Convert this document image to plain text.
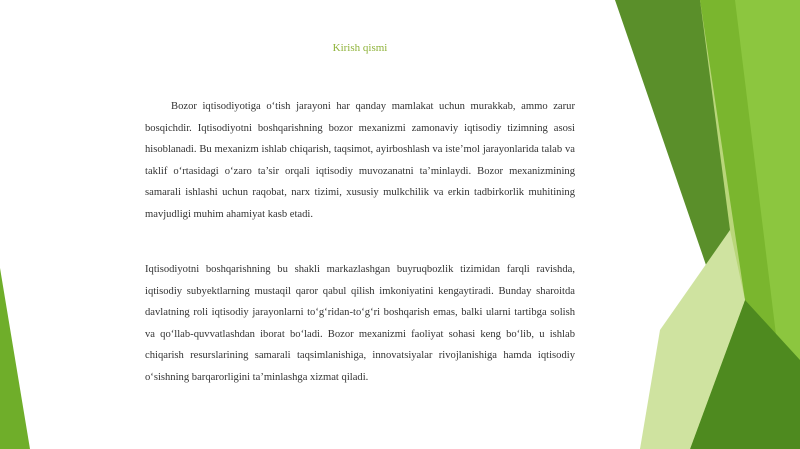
Kirish qismi

Bozor iqtisodiyotiga o‘tish jarayoni har qanday mamlakat uchun murakkab, ammo zarur bosqichdir. Iqtisodiyotni boshqarishning bozor mexanizmi zamonaviy iqtisodiy tizimning asosi hisoblanadi. Bu mexanizm ishlab chiqarish, taqsimot, ayirboshlash va iste’mol jarayonlarida talab va taklif o‘rtasidagi o‘zaro ta’sir orqali iqtisodiy muvozanatni ta’minlaydi. Bozor mexanizmining samarali ishlashi uchun raqobat, narx tizimi, xususiy mulkchilik va erkin tadbirkorlik muhitining mavjudligi muhim ahamiyat kasb etadi.

Iqtisodiyotni boshqarishning bu shakli markazlashgan buyruqbozlik tizimidan farqli ravishda, iqtisodiy subyektlarning mustaqil qaror qabul qilish imkoniyatini kengaytiradi. Bunday sharoitda davlatning roli iqtisodiy jarayonlarni to‘g‘ridan-to‘g‘ri boshqarish emas, balki ularni tartibga solish va qo‘llab-quvvatlashdan iborat bo‘ladi. Bozor mexanizmi faoliyat sohasi keng bo‘lib, u ishlab chiqarish resurslarining samarali taqsimlanishiga, innovatsiyalar rivojlanishiga hamda iqtisodiy o‘sishning barqarorligini ta’minlashga xizmat qiladi.
